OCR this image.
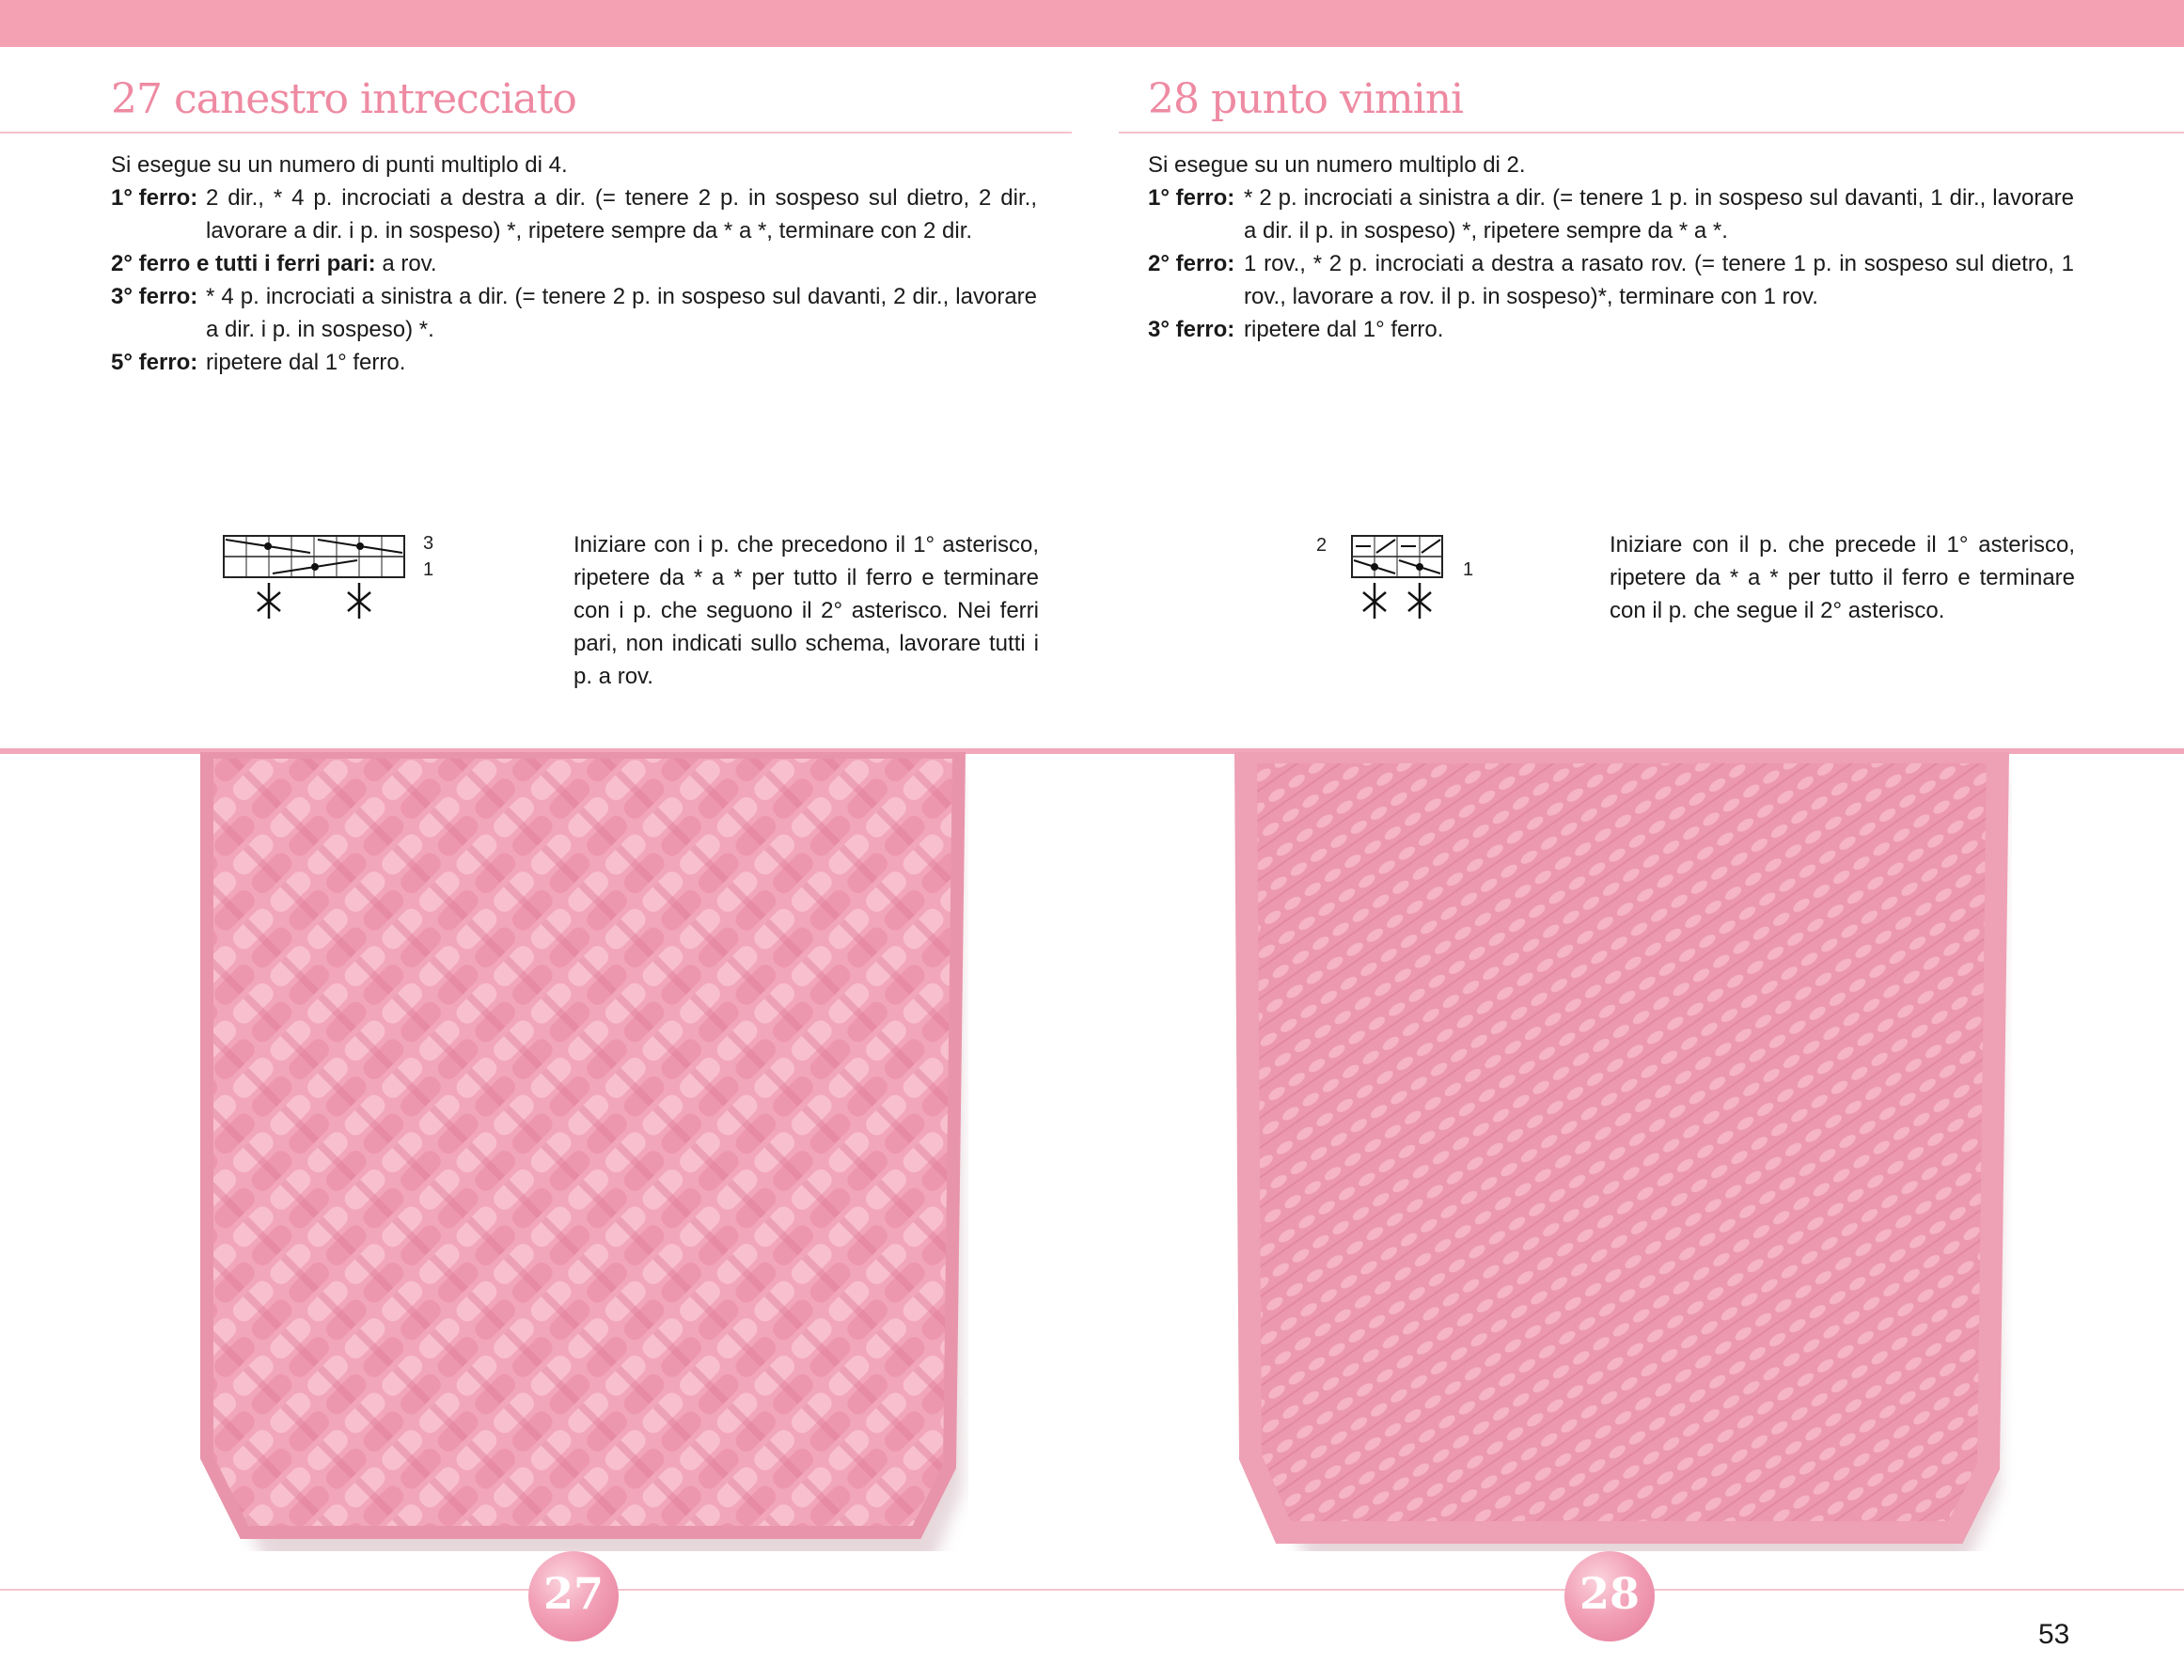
27 canestro intrecciato
Si esegue su un numero di punti multiplo di 4.
1° ferro: 2 dir., * 4 p. incrociati a destra a dir. (= tenere 2 p. in sospeso sul dietro, 2 dir., lavorare a dir. i p. in sospeso) *, ripetere sempre da * a *, terminare con 2 dir.
2° ferro e tutti i ferri pari: a rov.
3° ferro: * 4 p. incrociati a sinistra a dir. (= tenere 2 p. in sospeso sul davanti, 2 dir., lavorare a dir. i p. in sospeso) *.
5° ferro: ripetere dal 1° ferro.
3
1
Iniziare con i p. che precedono il 1° asterisco, ripetere da * a * per tutto il ferro e terminare con i p. che seguono il 2° asterisco. Nei ferri pari, non indicati sullo schema, lavorare tutti i p. a rov.
28 punto vimini
Si esegue su un numero multiplo di 2.
1° ferro: * 2 p. incrociati a sinistra a dir. (= tenere 1 p. in sospeso sul davanti, 1 dir., lavorare a dir. il p. in sospeso) *, ripetere sempre da * a *.
2° ferro: 1 rov., * 2 p. incrociati a destra a rasato rov. (= tenere 1 p. in sospeso sul dietro, 1 rov., lavorare a rov. il p. in sospeso)*, terminare con 1 rov.
3° ferro: ripetere dal 1° ferro.
2
1
Iniziare con il p. che precede il 1° asterisco, ripetere da * a * per tutto il ferro e terminare con il p. che segue il 2° asterisco.
27	28
53
